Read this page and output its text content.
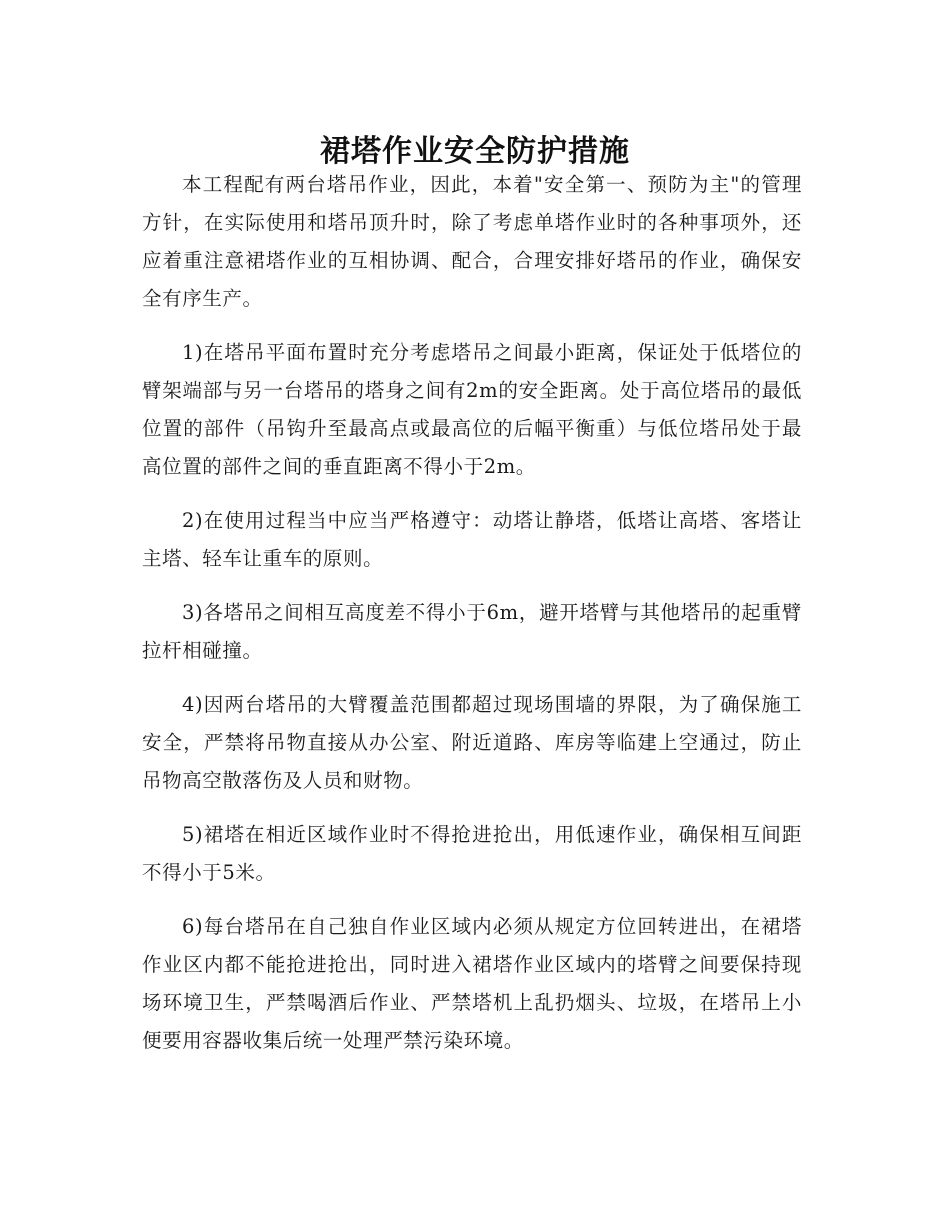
裙塔作业安全防护措施

本工程配有两台塔吊作业，因此，本着"安全第一、预防为主"的管理方针，在实际使用和塔吊顶升时，除了考虑单塔作业时的各种事项外，还应着重注意裙塔作业的互相协调、配合，合理安排好塔吊的作业，确保安全有序生产。

1)在塔吊平面布置时充分考虑塔吊之间最小距离，保证处于低塔位的臂架端部与另一台塔吊的塔身之间有2m的安全距离。处于高位塔吊的最低位置的部件（吊钩升至最高点或最高位的后幅平衡重）与低位塔吊处于最高位置的部件之间的垂直距离不得小于2m。

2)在使用过程当中应当严格遵守：动塔让静塔，低塔让高塔、客塔让主塔、轻车让重车的原则。

3)各塔吊之间相互高度差不得小于6m，避开塔臂与其他塔吊的起重臂拉杆相碰撞。

4)因两台塔吊的大臂覆盖范围都超过现场围墙的界限，为了确保施工安全，严禁将吊物直接从办公室、附近道路、库房等临建上空通过，防止吊物高空散落伤及人员和财物。

5)裙塔在相近区域作业时不得抢进抢出，用低速作业，确保相互间距不得小于5米。

6)每台塔吊在自己独自作业区域内必须从规定方位回转进出，在裙塔作业区内都不能抢进抢出，同时进入裙塔作业区域内的塔臂之间要保持现场环境卫生，严禁喝酒后作业、严禁塔机上乱扔烟头、垃圾，在塔吊上小便要用容器收集后统一处理严禁污染环境。
